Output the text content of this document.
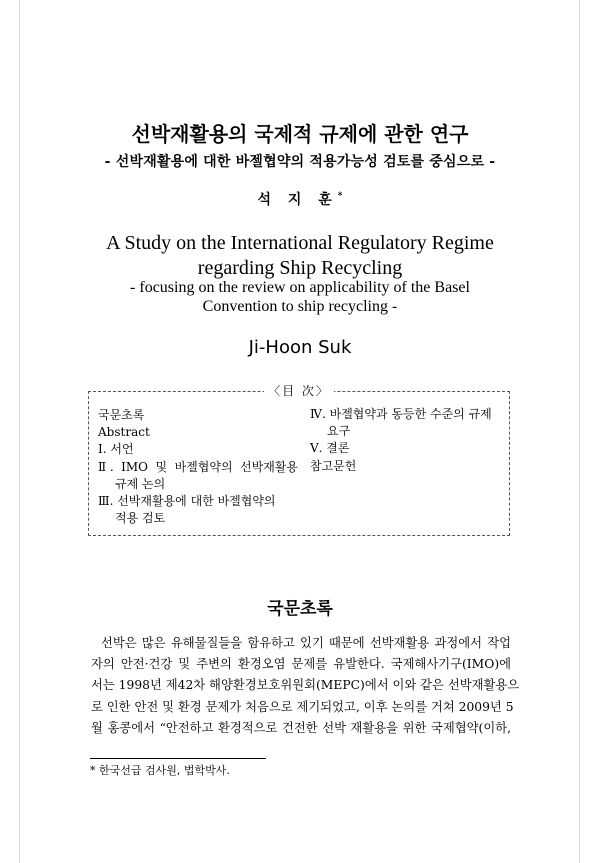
선박재활용의 국제적 규제에 관한 연구
- 선박재활용에 대한 바젤협약의 적용가능성 검토를 중심으로 -
석 지 훈*
A Study on the International Regulatory Regime
regarding Ship Recycling
- focusing on the review on applicability of the Basel
Convention to ship recycling -
Ji-Hoon Suk
〈目 次〉
국문초록
Abstract
Ⅰ. 서언
Ⅱ. IMO 및 바젤협약의 선박재활용
규제 논의
Ⅲ. 선박재활용에 대한 바젤협약의
적용 검토
Ⅳ. 바젤협약과 동등한 수준의 규제
요구
Ⅴ. 결론
참고문헌
국문초록
선박은 많은 유해물질들을 함유하고 있기 때문에 선박재활용 과정에서 작업
자의 안전·건강 및 주변의 환경오염 문제를 유발한다. 국제해사기구(IMO)에
서는 1998년 제42차 해양환경보호위원회(MEPC)에서 이와 같은 선박재활용으
로 인한 안전 및 환경 문제가 처음으로 제기되었고, 이후 논의를 거쳐 2009년 5
월 홍콩에서 “안전하고 환경적으로 건전한 선박 재활용을 위한 국제협약(이하,
* 한국선급 검사원, 법학박사.
